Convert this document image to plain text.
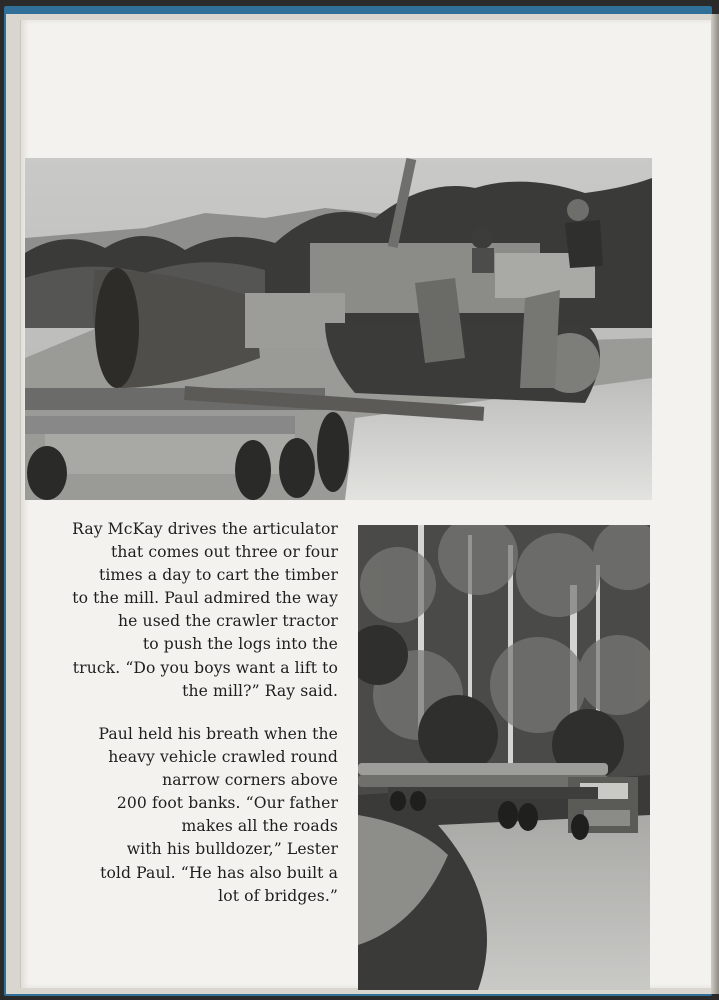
Ray McKay drives the articulator
that comes out three or four
times a day to cart the timber
to the mill. Paul admired the way
he used the crawler tractor
to push the logs into the
truck. “Do you boys want a lift to
the mill?” Ray said.
Paul held his breath when the
heavy vehicle crawled round
narrow corners above
200 foot banks. “Our father
makes all the roads
with his bulldozer,” Lester
told Paul. “He has also built a
lot of bridges.”
